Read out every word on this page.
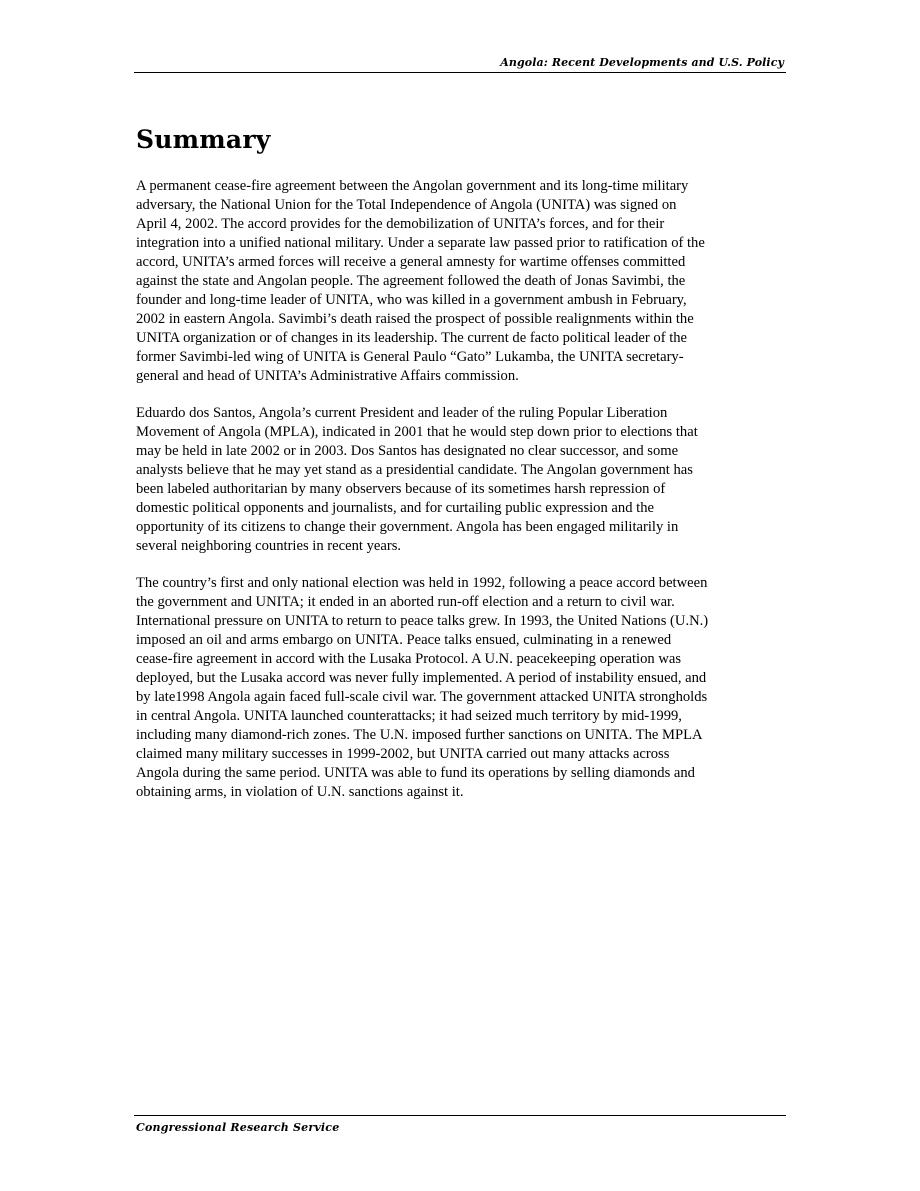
Angola: Recent Developments and U.S. Policy
Summary

A permanent cease-fire agreement between the Angolan government and its long-time military
adversary, the National Union for the Total Independence of Angola (UNITA) was signed on
April 4, 2002. The accord provides for the demobilization of UNITA’s forces, and for their
integration into a unified national military. Under a separate law passed prior to ratification of the
accord, UNITA’s armed forces will receive a general amnesty for wartime offenses committed
against the state and Angolan people. The agreement followed the death of Jonas Savimbi, the
founder and long-time leader of UNITA, who was killed in a government ambush in February,
2002 in eastern Angola. Savimbi’s death raised the prospect of possible realignments within the
UNITA organization or of changes in its leadership. The current de facto political leader of the
former Savimbi-led wing of UNITA is General Paulo “Gato” Lukamba, the UNITA secretary-
general and head of UNITA’s Administrative Affairs commission.

Eduardo dos Santos, Angola’s current President and leader of the ruling Popular Liberation
Movement of Angola (MPLA), indicated in 2001 that he would step down prior to elections that
may be held in late 2002 or in 2003. Dos Santos has designated no clear successor, and some
analysts believe that he may yet stand as a presidential candidate. The Angolan government has
been labeled authoritarian by many observers because of its sometimes harsh repression of
domestic political opponents and journalists, and for curtailing public expression and the
opportunity of its citizens to change their government. Angola has been engaged militarily in
several neighboring countries in recent years.

The country’s first and only national election was held in 1992, following a peace accord between
the government and UNITA; it ended in an aborted run-off election and a return to civil war.
International pressure on UNITA to return to peace talks grew. In 1993, the United Nations (U.N.)
imposed an oil and arms embargo on UNITA. Peace talks ensued, culminating in a renewed
cease-fire agreement in accord with the Lusaka Protocol. A U.N. peacekeeping operation was
deployed, but the Lusaka accord was never fully implemented. A period of instability ensued, and
by late1998 Angola again faced full-scale civil war. The government attacked UNITA strongholds
in central Angola. UNITA launched counterattacks; it had seized much territory by mid-1999,
including many diamond-rich zones. The U.N. imposed further sanctions on UNITA. The MPLA
claimed many military successes in 1999-2002, but UNITA carried out many attacks across
Angola during the same period. UNITA was able to fund its operations by selling diamonds and
obtaining arms, in violation of U.N. sanctions against it.

Congressional Research Service
